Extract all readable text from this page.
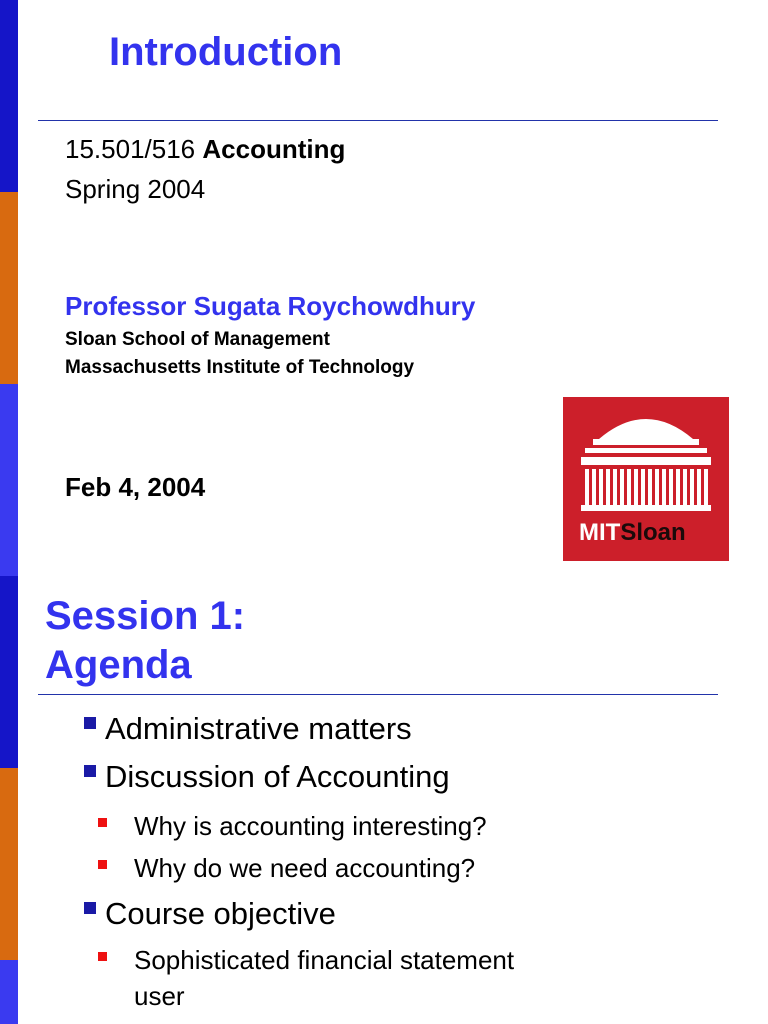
Introduction
15.501/516 Accounting
Spring 2004
Professor Sugata Roychowdhury
Sloan School of Management
Massachusetts Institute of Technology
Feb 4, 2004
MITSloan
Session 1:
Agenda
Administrative matters
Discussion of Accounting
Why is accounting interesting?
Why do we need accounting?
Course objective
Sophisticated financial statement
user
